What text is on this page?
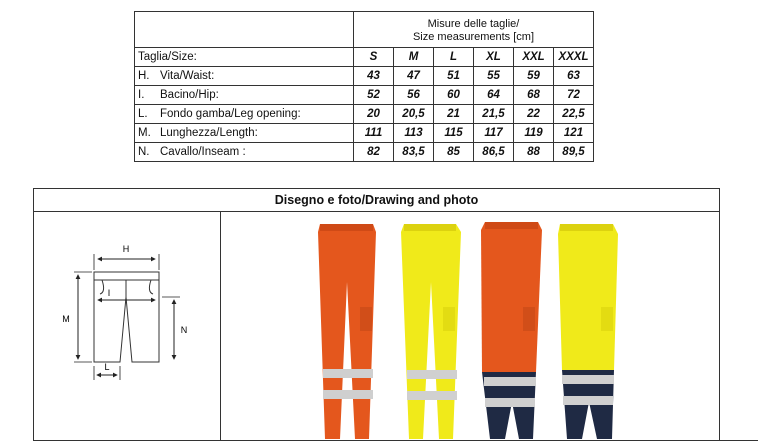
	Misure delle taglie/
Size measurements [cm]					
Taglia/Size:	S	M	L	XL	XXL	XXXL
H. Vita/Waist:	43	47	51	55	59	63
I. Bacino/Hip:	52	56	60	64	68	72
L. Fondo gamba/Leg opening:	20	20,5	21	21,5	22	22,5
M. Lunghezza/Length:	111	113	115	117	119	121
N. Cavallo/Inseam :	82	83,5	85	86,5	88	89,5
Disegno e foto/Drawing and photo
H
I
M
N
L
